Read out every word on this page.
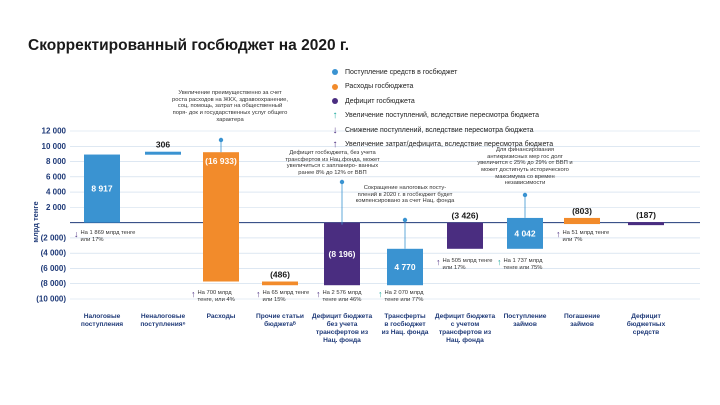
Скорректированный госбюджет на 2020 г.
12 000
10 000
8 000
6 000
4 000
2 000
(2 000)
(4 000)
(6 000)
(8 000)
(10 000)
млрд тенге
8 917
306
(16 933)
(486)
(8 196)
4 770
(3 426)
4 042
(803)	(187)
Налоговые
поступления
Неналоговые
поступления⁶
Расходы	Прочие статьи
бюджетаᴮ
Дефицит бюджета
без учета
трансфертов из
Нац. фонда
Трансферты
в госбюджет
из Нац. фонда
Дефицит бюджета
с учетом
трансфертов из
Нац. фонда
Поступление
займов
Погашение
займов
Дефицит
бюджетных
средств
Поступление средств в госбюджет
Расходы госбюджета
Дефицит госбюджета
↑	Увеличение поступлений, вследствие пересмотра бюджета
↓	Снижение поступлений, вследствие пересмотра бюджета
↑	Увеличение затрат/дефицита, вследствие пересмотра бюджета
Увеличение преимущественно за счет роста расходов на ЖКХ, здравоохранение, соц. помощь, затрат на общественный поря- док и государственных услуг общего характера
Дефицит госбюджета, без учета трансфертов из Нац.фонда, может увеличиться с запланиро- ванных ранее 8% до 12% от ВВП
Сокращение налоговых посту- плений в 2020 г. в госбюджет будет компенсировано за счет Нац. фонда
Для финансирования антикризисных мер гос долг увеличится с 25% до 29% от ВВП и может достигнуть исторического максимума со времен независимости
↓ На 1 869 млрд тенге или 17%
↑ На 700 млрд тенге, или 4%
↑ На 65 млрд тенге или 15%
↑ На 2 576 млрд тенге или 46%
↑ На 2 070 млрд тенге или 77%
↑ На 505 млрд тенге или 17%
↑ На 1 737 млрд тенге или 75%
↑ На 51 млрд тенге или 7%
